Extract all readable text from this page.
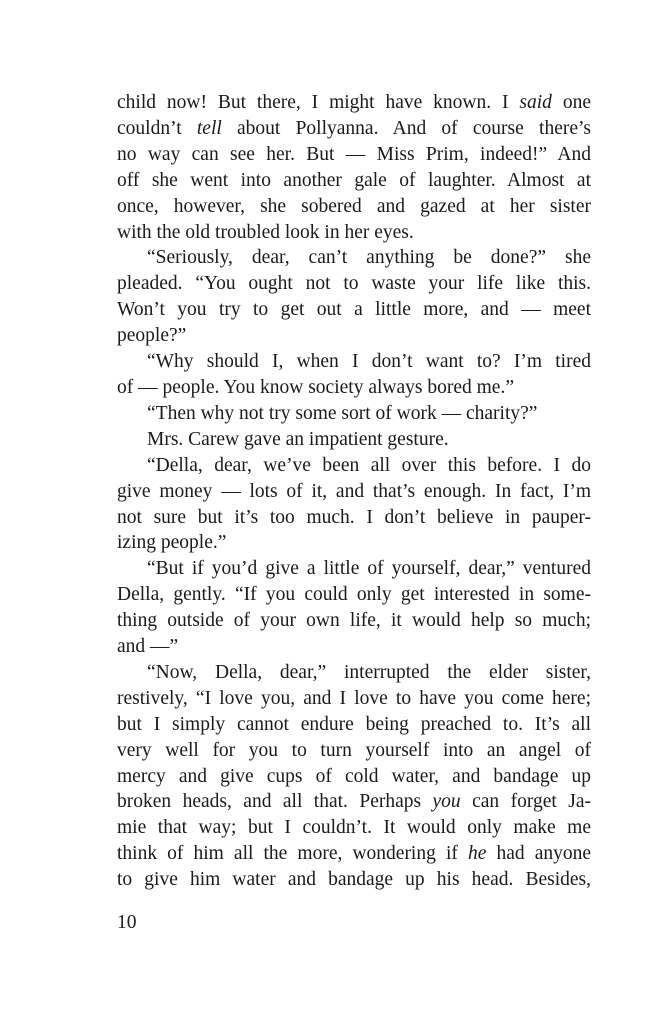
child now! But there, I might have known. I said one
couldn’t tell about Pollyanna. And of course there’s
no way can see her. But — Miss Prim, indeed!” And
off she went into another gale of laughter. Almost at
once, however, she sobered and gazed at her sister
with the old troubled look in her eyes.
“Seriously, dear, can’t anything be done?” she
pleaded. “You ought not to waste your life like this.
Won’t you try to get out a little more, and — meet
people?”
“Why should I, when I don’t want to? I’m tired
of — people. You know society always bored me.”
“Then why not try some sort of work — charity?”
Mrs. Carew gave an impatient gesture.
“Della, dear, we’ve been all over this before. I do
give money — lots of it, and that’s enough. In fact, I’m
not sure but it’s too much. I don’t believe in pauper-
izing people.”
“But if you’d give a little of yourself, dear,” ventured
Della, gently. “If you could only get interested in some-
thing outside of your own life, it would help so much;
and —”
“Now, Della, dear,” interrupted the elder sister,
restively, “I love you, and I love to have you come here;
but I simply cannot endure being preached to. It’s all
very well for you to turn yourself into an angel of
mercy and give cups of cold water, and bandage up
broken heads, and all that. Perhaps you can forget Ja-
mie that way; but I couldn’t. It would only make me
think of him all the more, wondering if he had anyone
to give him water and bandage up his head. Besides,
10
